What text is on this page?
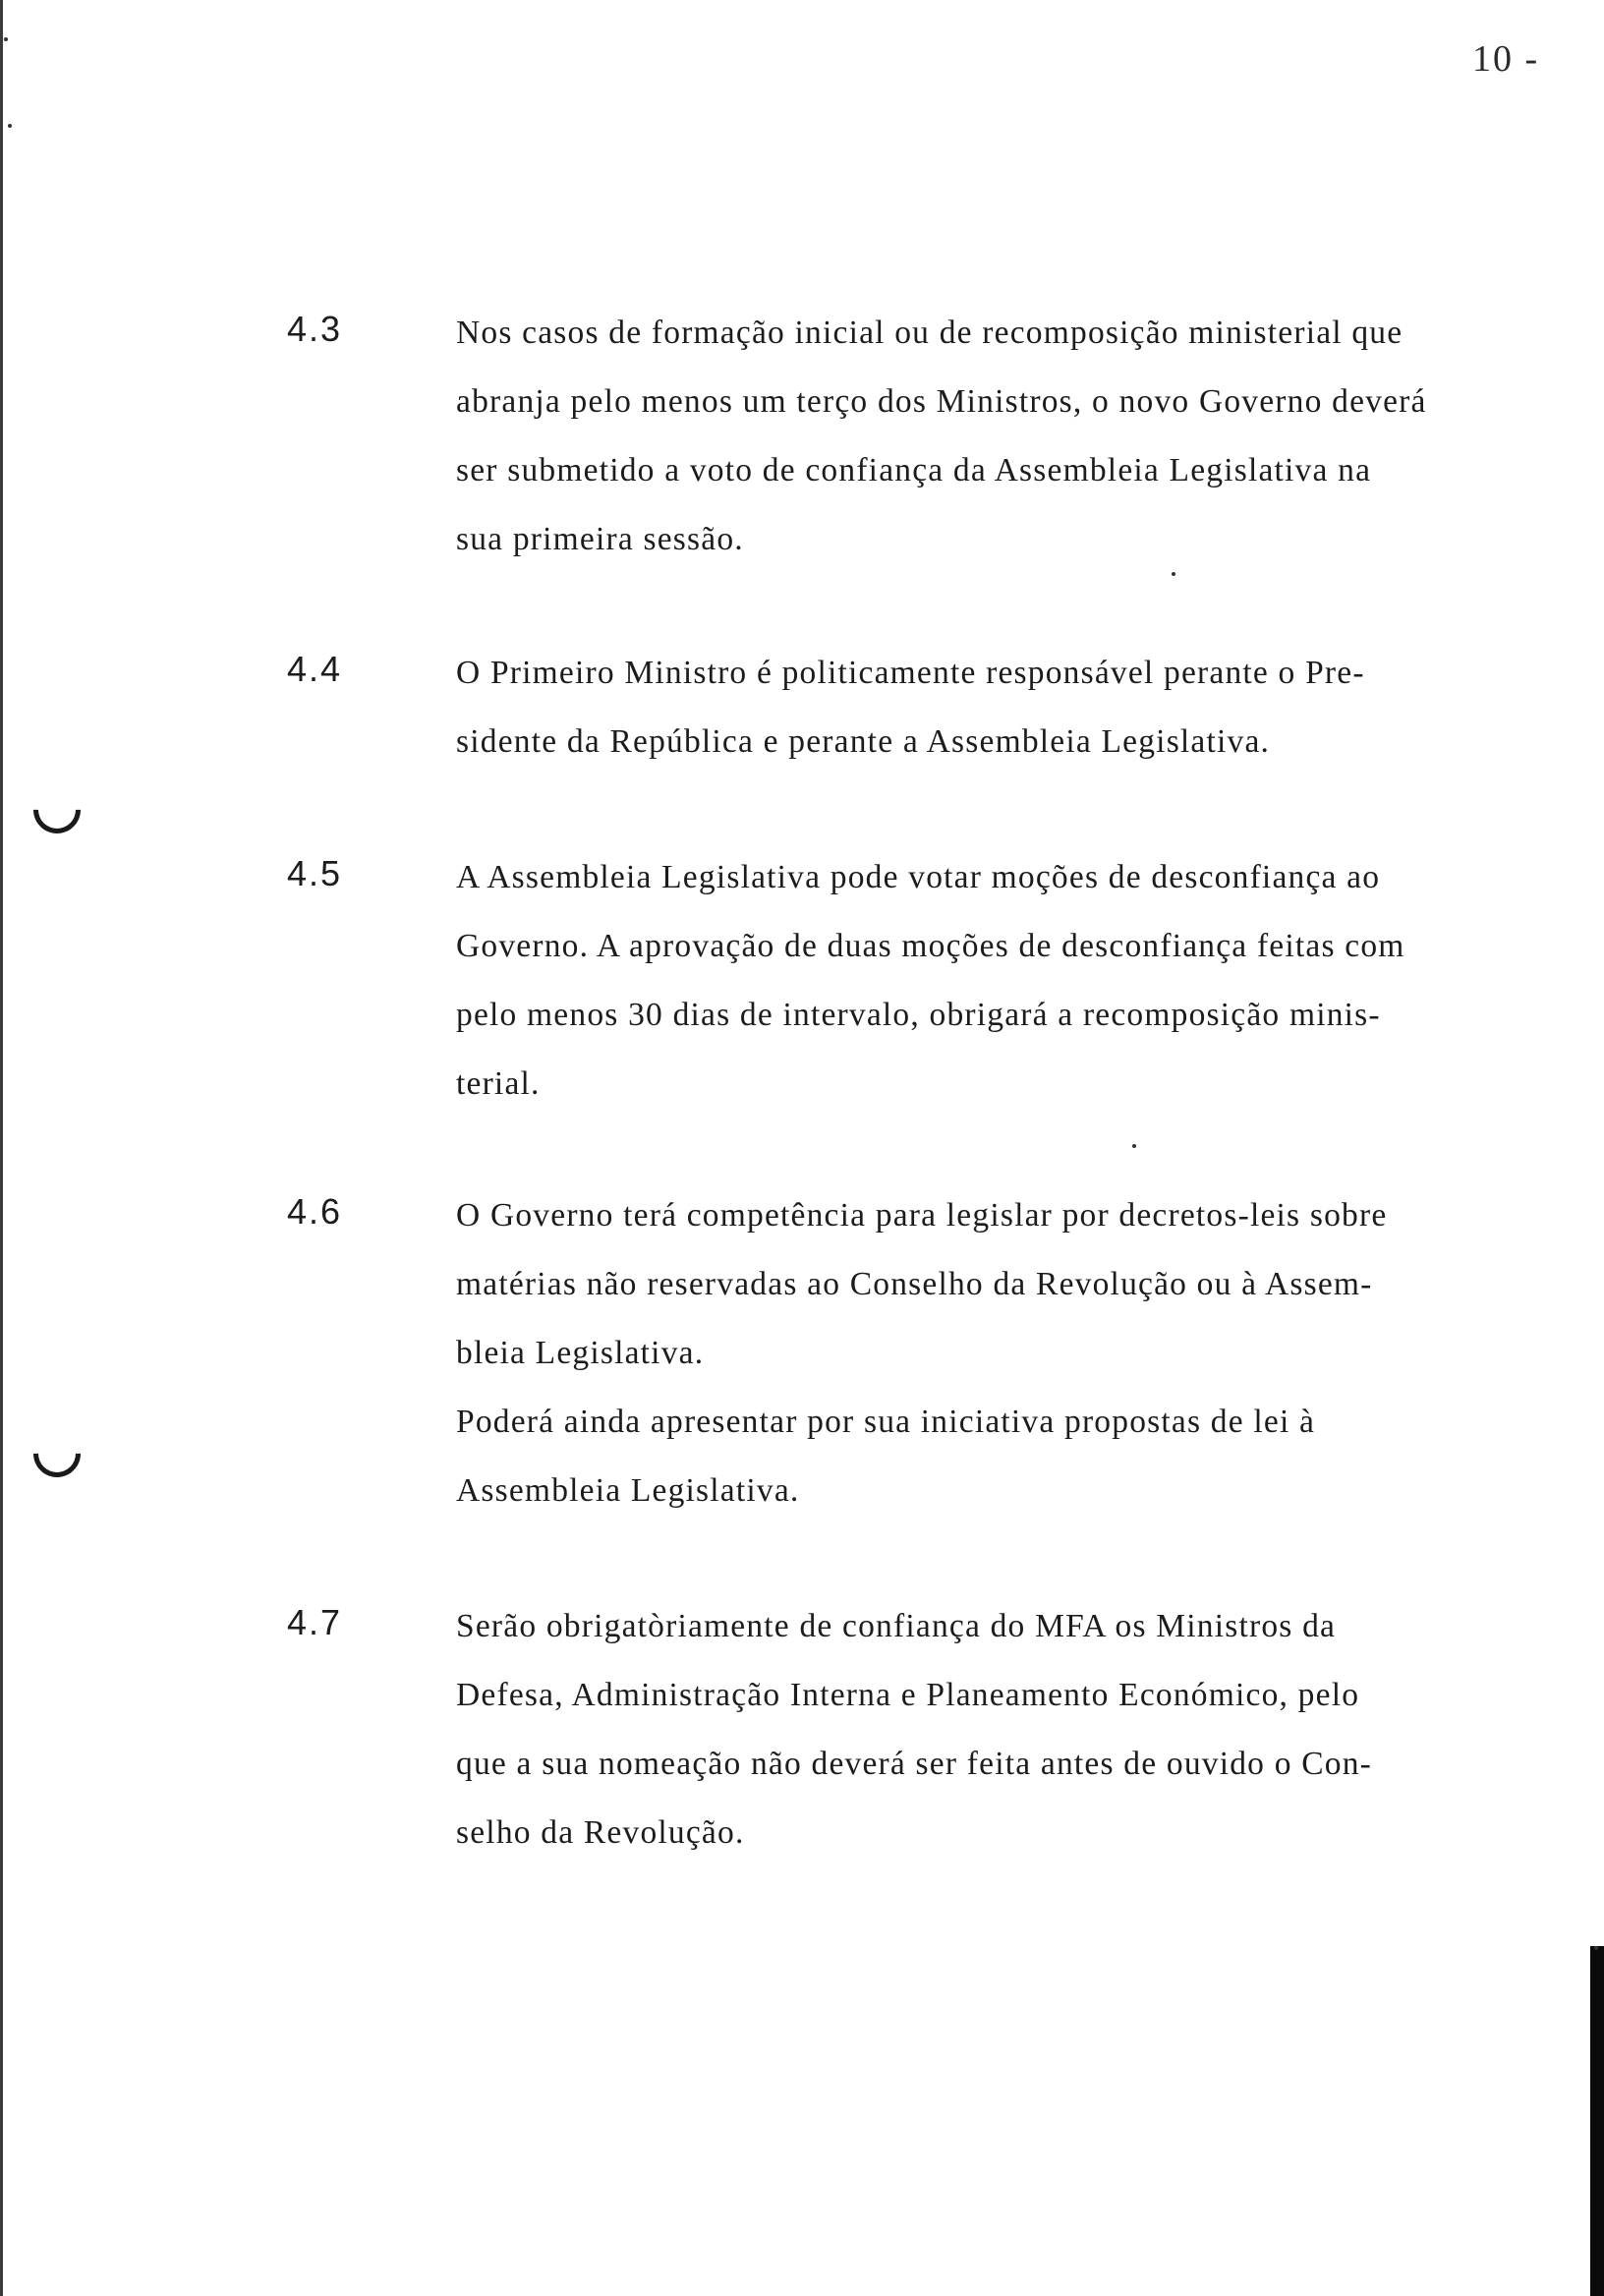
10 -
4.3	Nos casos de formação inicial ou de recomposição ministerial que
abranja pelo menos um terço dos Ministros, o novo Governo deverá
ser submetido a voto de confiança da Assembleia Legislativa na
sua primeira sessão.
4.4	O Primeiro Ministro é politicamente responsável perante o Pre-
sidente da República e perante a Assembleia Legislativa.
4.5	A Assembleia Legislativa pode votar moções de desconfiança ao
Governo. A aprovação de duas moções de desconfiança feitas com
pelo menos 30 dias de intervalo, obrigará a recomposição minis-
terial.
4.6	O Governo terá competência para legislar por decretos-leis sobre
matérias não reservadas ao Conselho da Revolução ou à Assem-
bleia Legislativa.
Poderá ainda apresentar por sua iniciativa propostas de lei à
Assembleia Legislativa.
4.7	Serão obrigatòriamente de confiança do MFA os Ministros da
Defesa, Administração Interna e Planeamento Económico, pelo
que a sua nomeação não deverá ser feita antes de ouvido o Con-
selho da Revolução.
